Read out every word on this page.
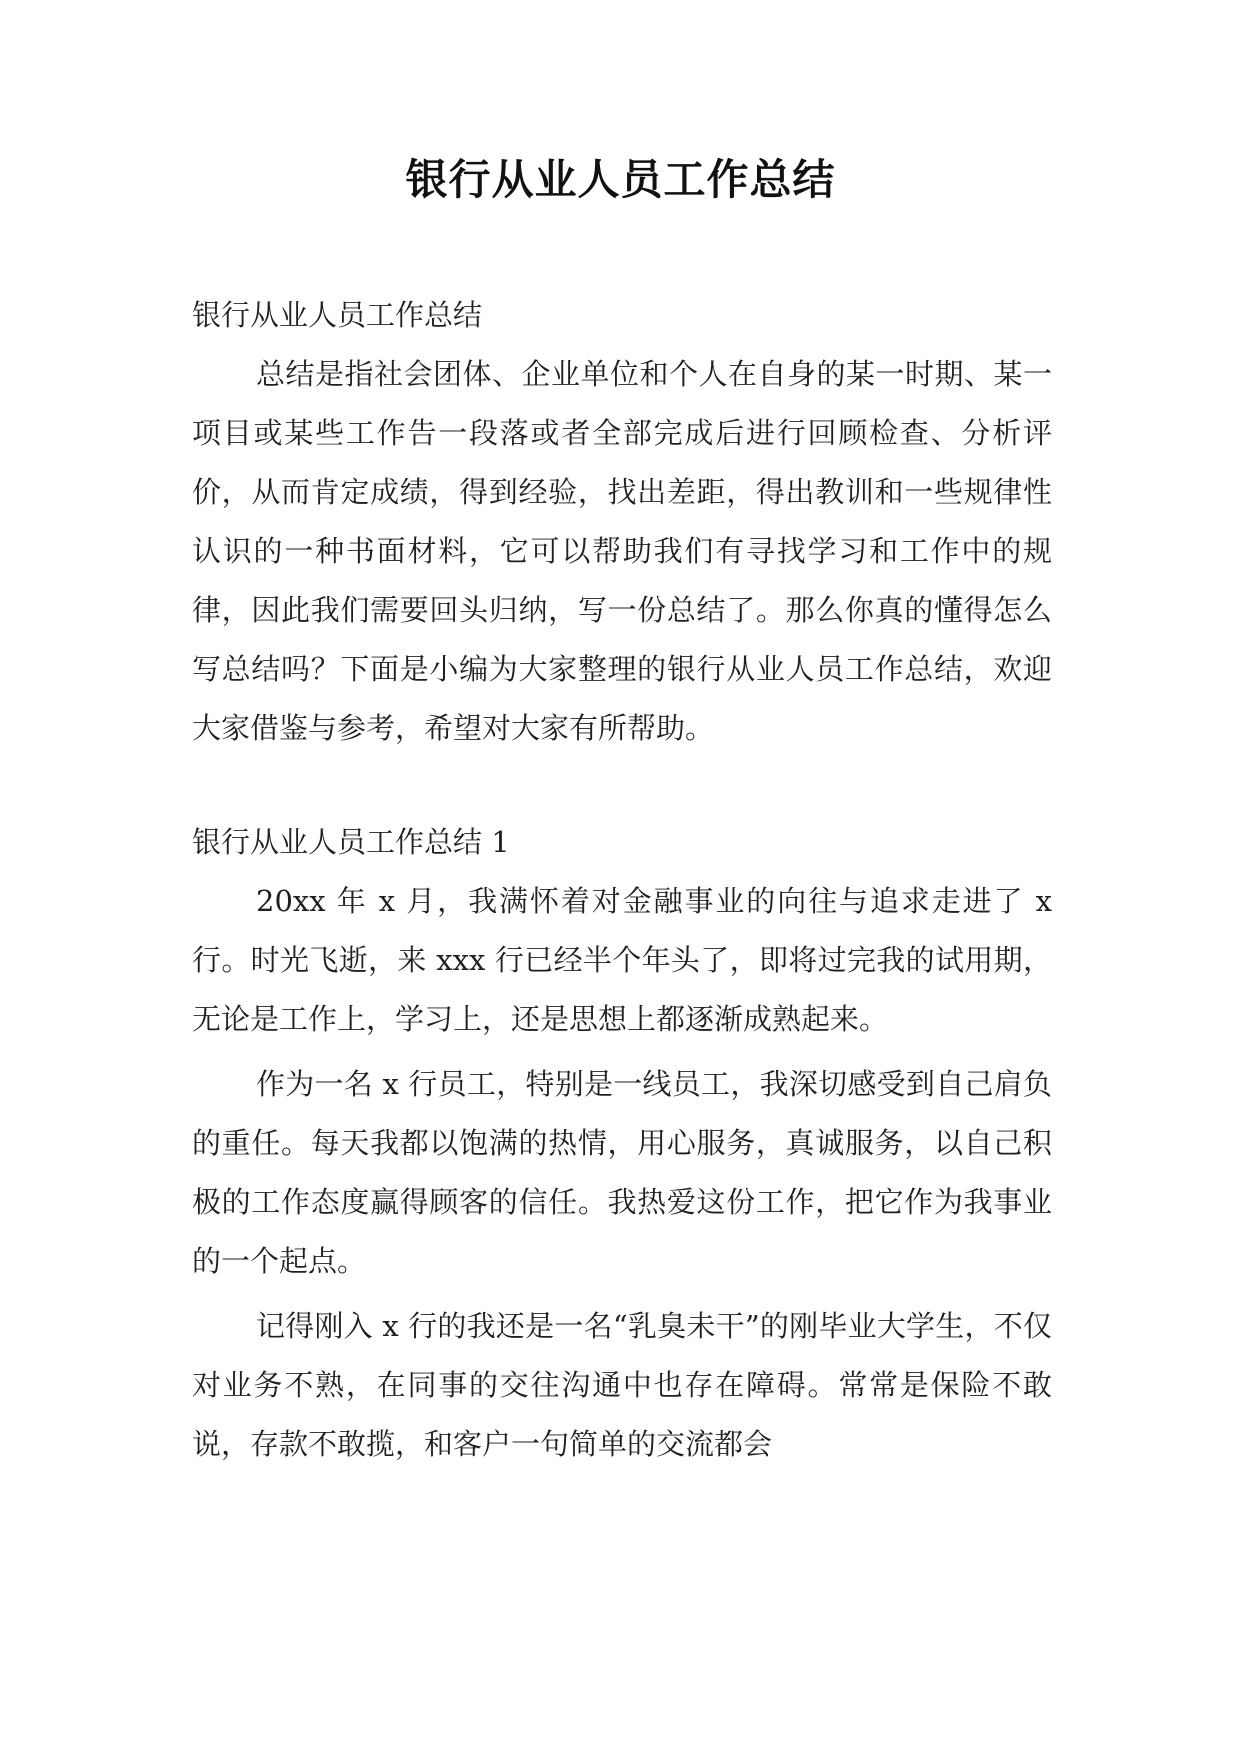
银行从业人员工作总结

银行从业人员工作总结

总结是指社会团体、企业单位和个人在自身的某一时期、某一项目或某些工作告一段落或者全部完成后进行回顾检查、分析评价，从而肯定成绩，得到经验，找出差距，得出教训和一些规律性认识的一种书面材料，它可以帮助我们有寻找学习和工作中的规律，因此我们需要回头归纳，写一份总结了。那么你真的懂得怎么写总结吗？下面是小编为大家整理的银行从业人员工作总结，欢迎大家借鉴与参考，希望对大家有所帮助。

银行从业人员工作总结 1

20xx 年 x 月，我满怀着对金融事业的向往与追求走进了 x 行。时光飞逝，来 xxx 行已经半个年头了，即将过完我的试用期，无论是工作上，学习上，还是思想上都逐渐成熟起来。

作为一名 x 行员工，特别是一线员工，我深切感受到自己肩负的重任。每天我都以饱满的热情，用心服务，真诚服务，以自己积极的工作态度赢得顾客的信任。我热爱这份工作，把它作为我事业的一个起点。

记得刚入 x 行的我还是一名“乳臭未干”的刚毕业大学生，不仅对业务不熟，在同事的交往沟通中也存在障碍。常常是保险不敢说，存款不敢揽，和客户一句简单的交流都会
